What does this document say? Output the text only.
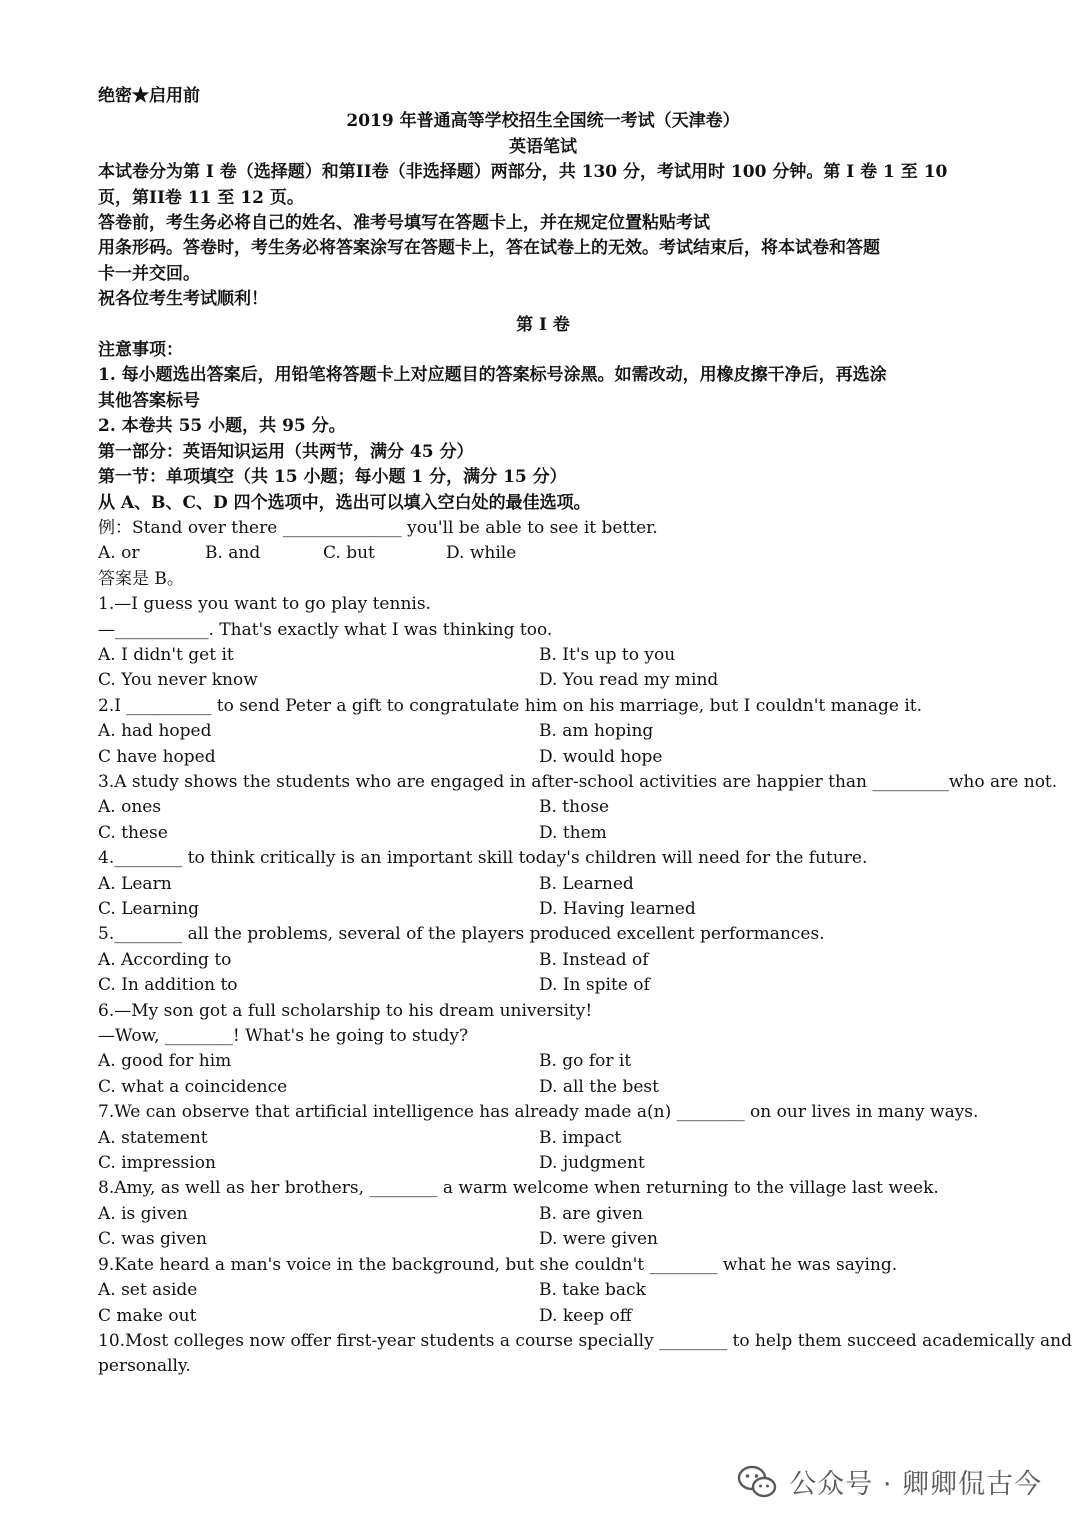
绝密★启用前
2019 年普通高等学校招生全国统一考试（天津卷）
英语笔试
本试卷分为第 I 卷（选择题）和第II卷（非选择题）两部分，共 130 分，考试用时 100 分钟。第 I 卷 1 至 10
页，第II卷 11 至 12 页。
答卷前，考生务必将自己的姓名、准考号填写在答题卡上，并在规定位置粘贴考试
用条形码。答卷时，考生务必将答案涂写在答题卡上，答在试卷上的无效。考试结束后，将本试卷和答题
卡一并交回。
祝各位考生考试顺利！
第 I 卷
注意事项：
1. 每小题选出答案后，用铅笔将答题卡上对应题目的答案标号涂黑。如需改动，用橡皮擦干净后，再选涂
其他答案标号
2. 本卷共 55 小题，共 95 分。
第一部分：英语知识运用（共两节，满分 45 分）
第一节：单项填空（共 15 小题；每小题 1 分，满分 15 分）
从 A、B、C、D 四个选项中，选出可以填入空白处的最佳选项。
例：Stand over there ______________ you'll be able to see it better.
A. or	B. and	C. but	D. while
答案是 B。
1.—I guess you want to go play tennis.
—___________. That's exactly what I was thinking too.
A. I didn't get it	B. It's up to you
C. You never know	D. You read my mind
2.I __________ to send Peter a gift to congratulate him on his marriage, but I couldn't manage it.
A. had hoped	B. am hoping
C have hoped	D. would hope
3.A study shows the students who are engaged in after-school activities are happier than _________who are not.
A. ones	B. those
C. these	D. them
4.________ to think critically is an important skill today's children will need for the future.
A. Learn	B. Learned
C. Learning	D. Having learned
5.________ all the problems, several of the players produced excellent performances.
A. According to	B. Instead of
C. In addition to	D. In spite of
6.—My son got a full scholarship to his dream university!
—Wow, ________! What's he going to study?
A. good for him	B. go for it
C. what a coincidence	D. all the best
7.We can observe that artificial intelligence has already made a(n) ________ on our lives in many ways.
A. statement	B. impact
C. impression	D. judgment
8.Amy, as well as her brothers, ________ a warm welcome when returning to the village last week.
A. is given	B. are given
C. was given	D. were given
9.Kate heard a man's voice in the background, but she couldn't ________ what he was saying.
A. set aside	B. take back
C make out	D. keep off
10.Most colleges now offer first-year students a course specially ________ to help them succeed academically and
personally.
公众号 · 卿卿侃古今
